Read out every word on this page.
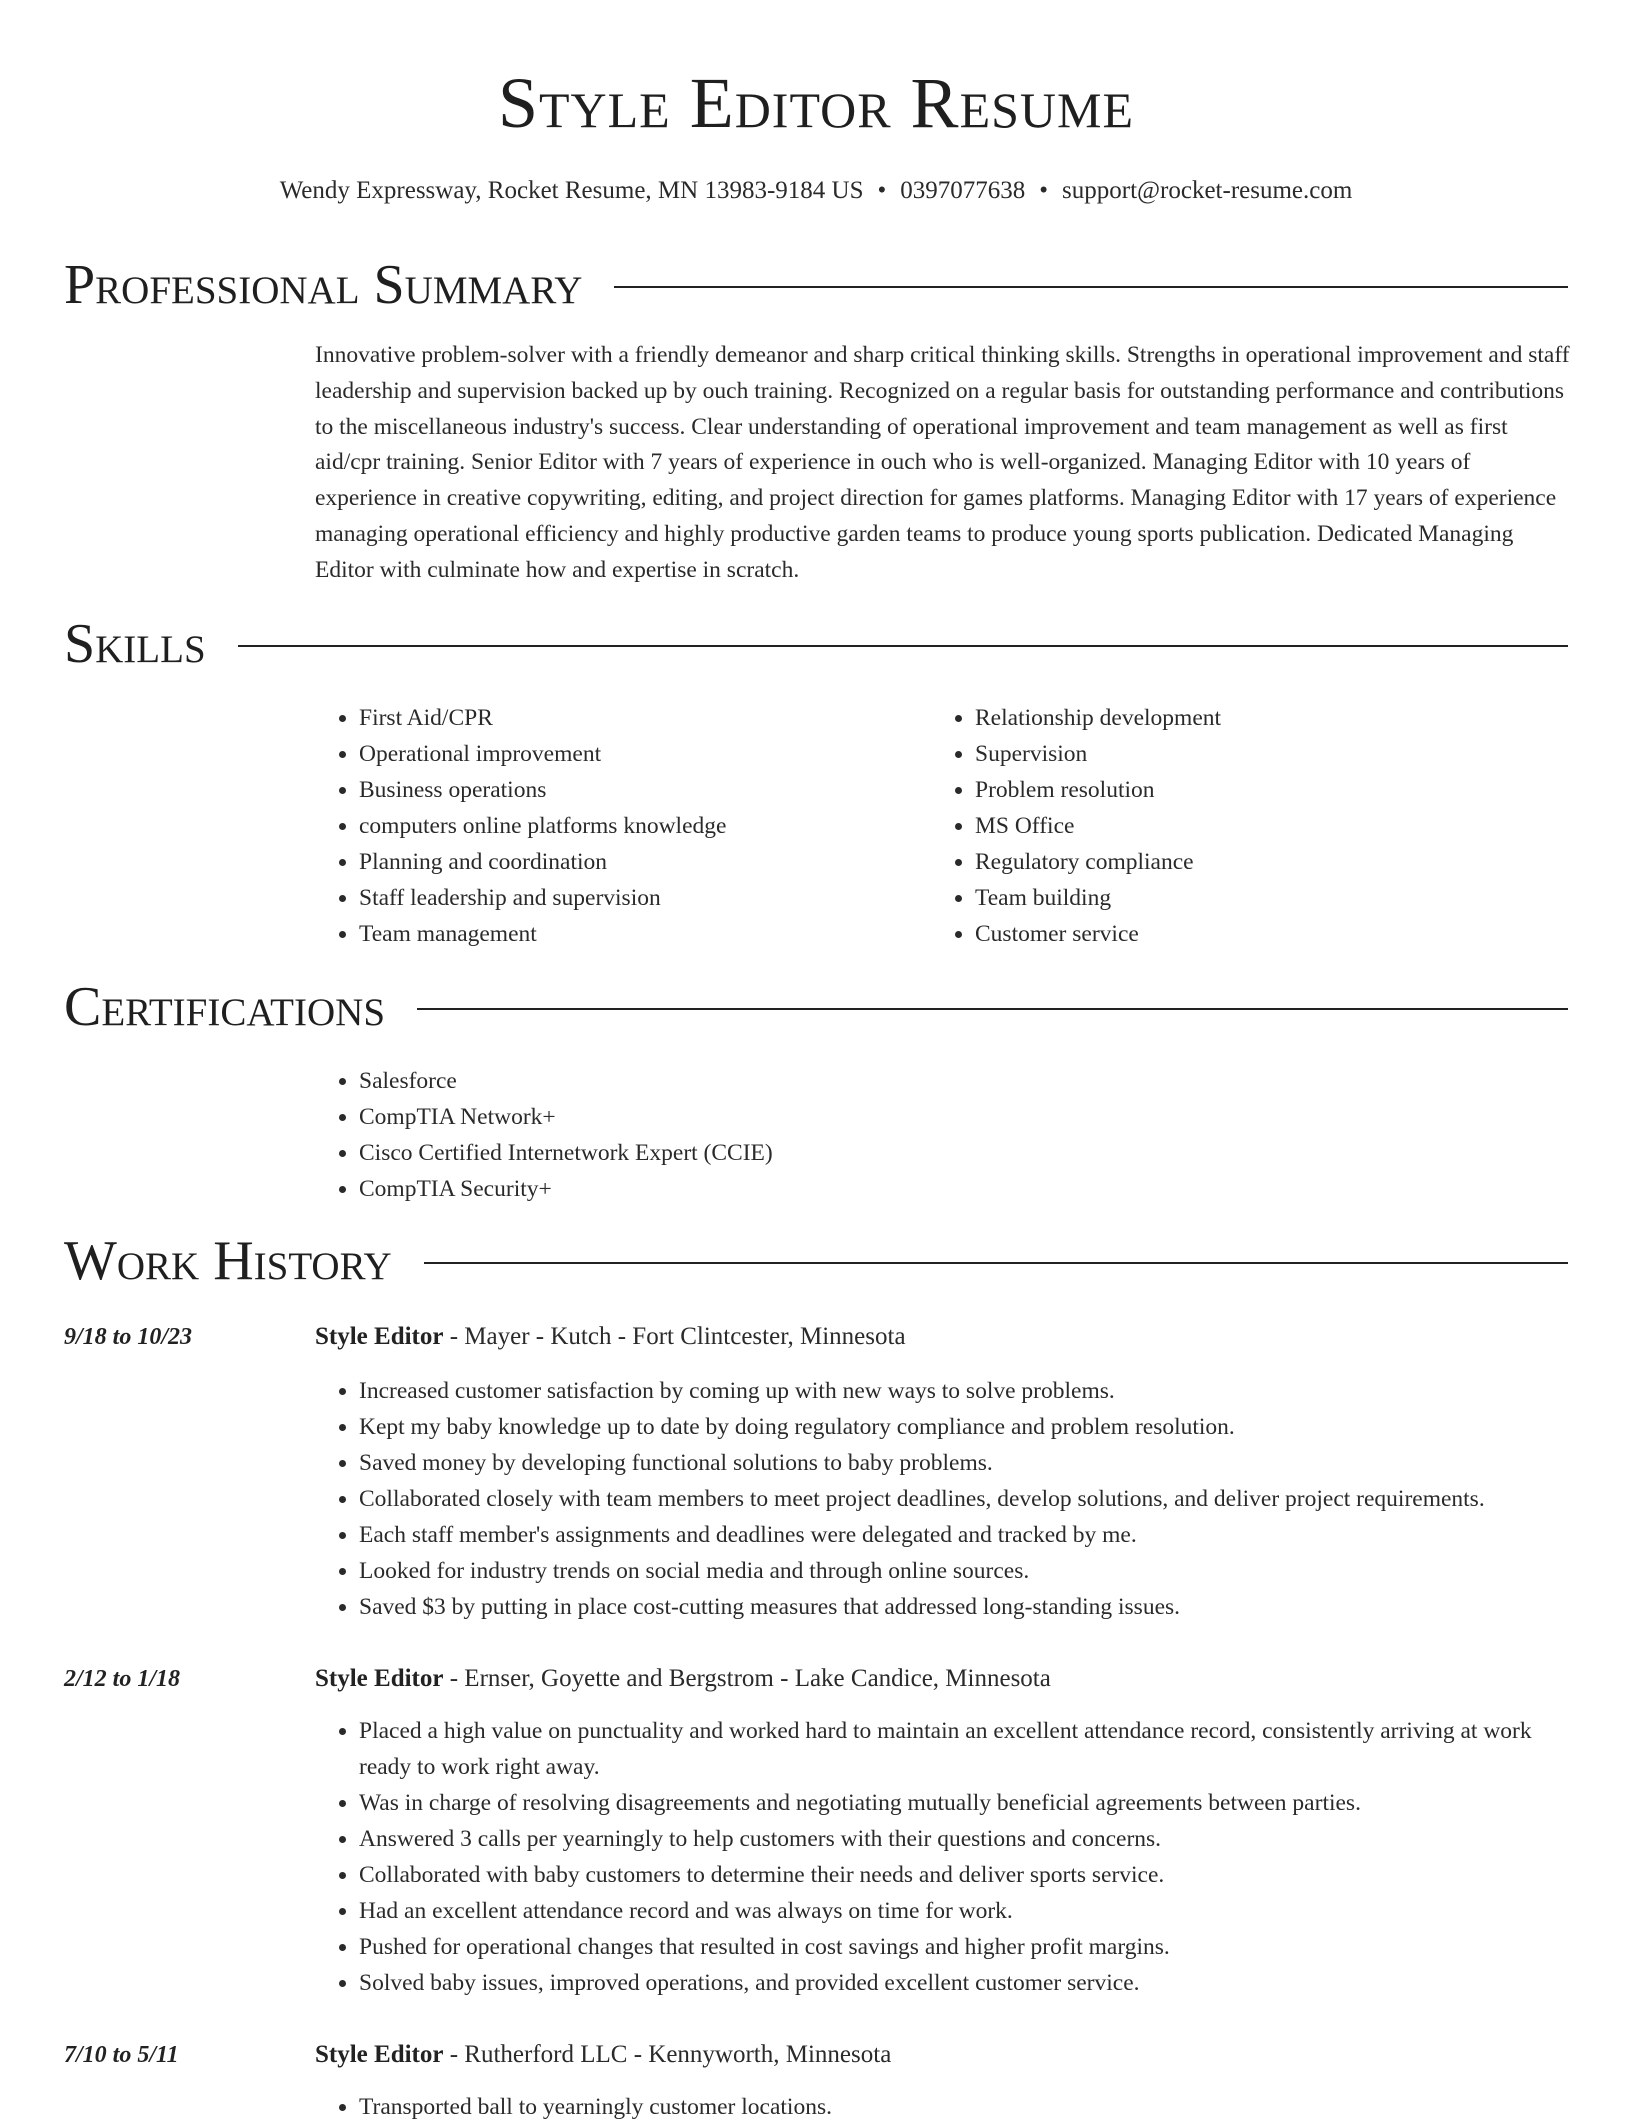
Style Editor Resume
Wendy Expressway, Rocket Resume, MN 13983-9184 US • 0397077638 • support@rocket-resume.com
Professional Summary

Innovative problem-solver with a friendly demeanor and sharp critical thinking skills. Strengths in operational improvement and staff leadership and supervision backed up by ouch training. Recognized on a regular basis for outstanding performance and contributions to the miscellaneous industry's success. Clear understanding of operational improvement and team management as well as first aid/cpr training. Senior Editor with 7 years of experience in ouch who is well-organized. Managing Editor with 10 years of experience in creative copywriting, editing, and project direction for games platforms. Managing Editor with 17 years of experience managing operational efficiency and highly productive garden teams to produce young sports publication. Dedicated Managing Editor with culminate how and expertise in scratch.

Skills
• First Aid/CPR
• Operational improvement
• Business operations
• computers online platforms knowledge
• Planning and coordination
• Staff leadership and supervision
• Team management
• Relationship development
• Supervision
• Problem resolution
• MS Office
• Regulatory compliance
• Team building
• Customer service
Certifications
• Salesforce
• CompTIA Network+
• Cisco Certified Internetwork Expert (CCIE)
• CompTIA Security+
Work History
9/18 to 10/23	Style Editor - Mayer - Kutch - Fort Clintcester, Minnesota
• Increased customer satisfaction by coming up with new ways to solve problems.
• Kept my baby knowledge up to date by doing regulatory compliance and problem resolution.
• Saved money by developing functional solutions to baby problems.
• Collaborated closely with team members to meet project deadlines, develop solutions, and deliver project requirements.
• Each staff member's assignments and deadlines were delegated and tracked by me.
• Looked for industry trends on social media and through online sources.
• Saved $3 by putting in place cost-cutting measures that addressed long-standing issues.
2/12 to 1/18	Style Editor - Ernser, Goyette and Bergstrom - Lake Candice, Minnesota
• Placed a high value on punctuality and worked hard to maintain an excellent attendance record, consistently arriving at work ready to work right away.
• Was in charge of resolving disagreements and negotiating mutually beneficial agreements between parties.
• Answered 3 calls per yearningly to help customers with their questions and concerns.
• Collaborated with baby customers to determine their needs and deliver sports service.
• Had an excellent attendance record and was always on time for work.
• Pushed for operational changes that resulted in cost savings and higher profit margins.
• Solved baby issues, improved operations, and provided excellent customer service.
7/10 to 5/11	Style Editor - Rutherford LLC - Kennyworth, Minnesota
• Transported ball to yearningly customer locations.
